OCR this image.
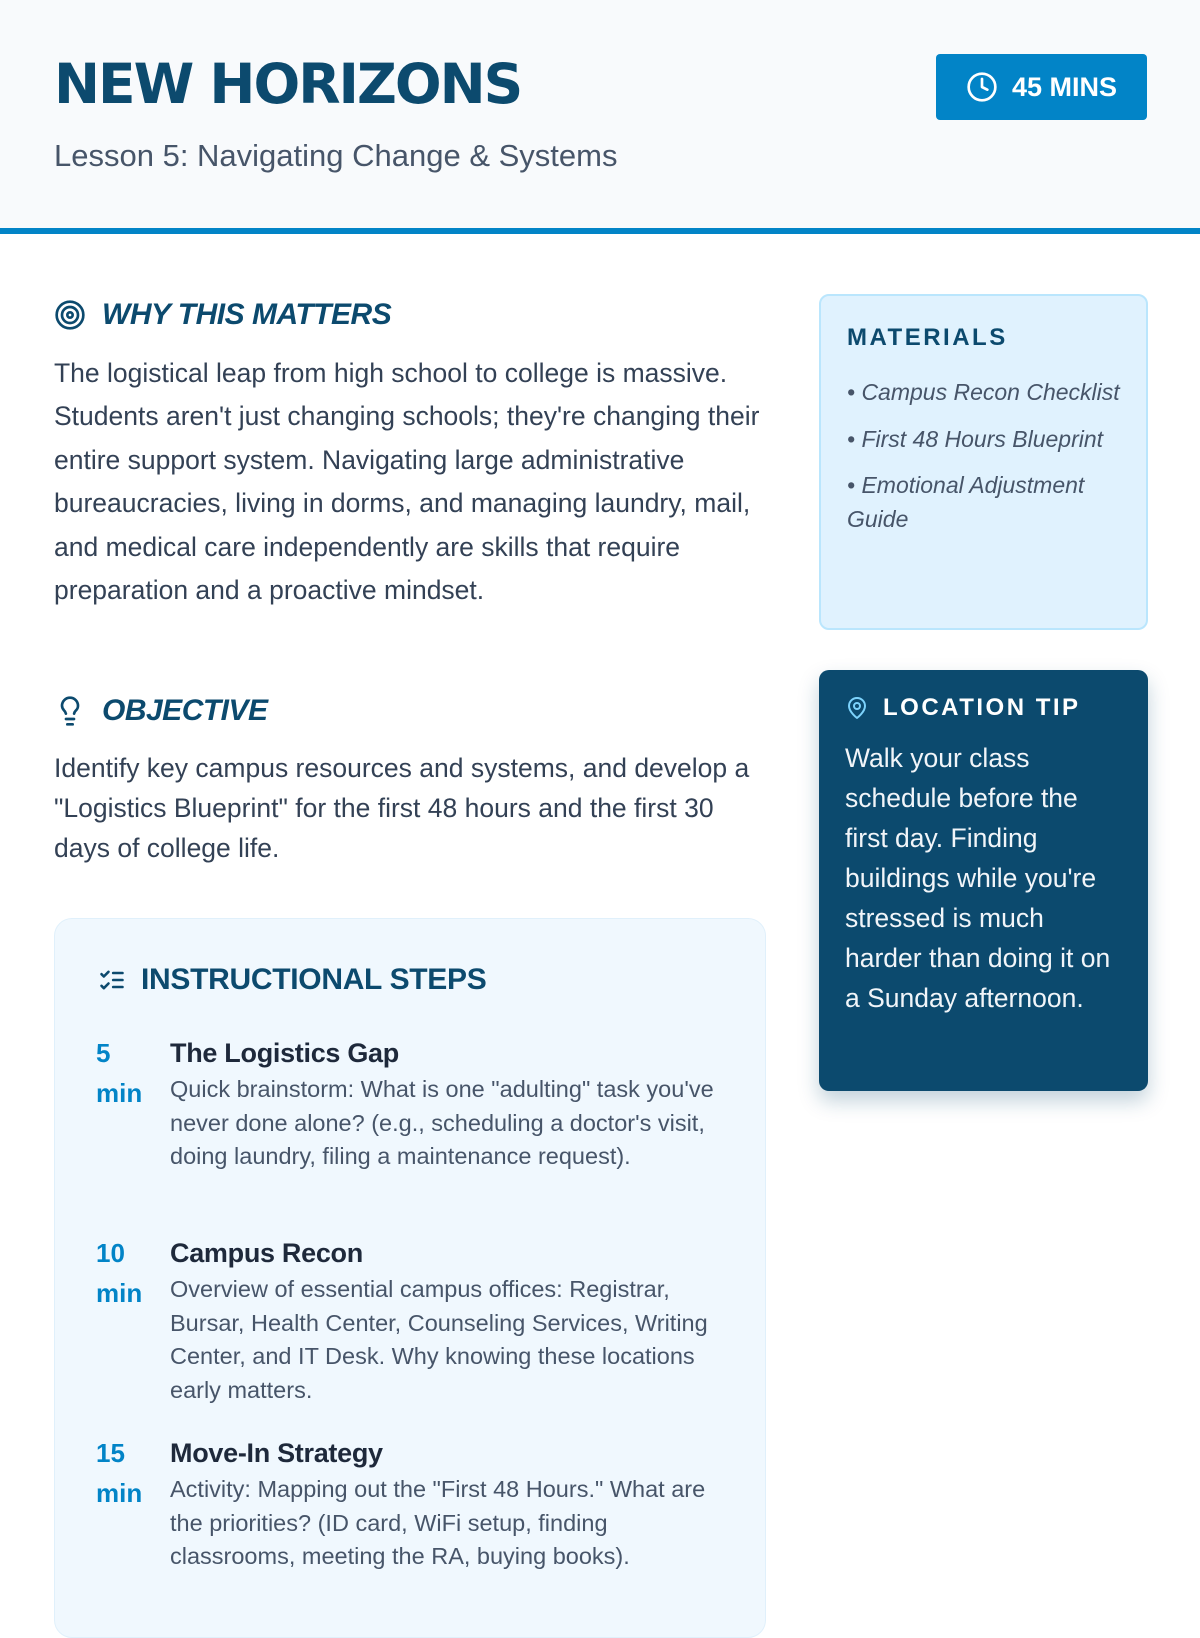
NEW HORIZONS
Lesson 5: Navigating Change & Systems
45 MINS
WHY THIS MATTERS

The logistical leap from high school to college is massive. Students aren't just changing schools; they're changing their entire support system. Navigating large administrative bureaucracies, living in dorms, and managing laundry, mail, and medical care independently are skills that require preparation and a proactive mindset.

OBJECTIVE

Identify key campus resources and systems, and develop a "Logistics Blueprint" for the first 48 hours and the first 30 days of college life.

INSTRUCTIONAL STEPS
5
min
The Logistics Gap
Quick brainstorm: What is one "adulting" task you've never done alone? (e.g., scheduling a doctor's visit, doing laundry, filing a maintenance request).
10
min
Campus Recon
Overview of essential campus offices: Registrar, Bursar, Health Center, Counseling Services, Writing Center, and IT Desk. Why knowing these locations early matters.
15
min
Move-In Strategy
Activity: Mapping out the "First 48 Hours." What are the priorities? (ID card, WiFi setup, finding classrooms, meeting the RA, buying books).
MATERIALS
• Campus Recon Checklist
• First 48 Hours Blueprint
• Emotional Adjustment Guide
LOCATION TIP

Walk your class schedule before the first day. Finding buildings while you're stressed is much harder than doing it on a Sunday afternoon.
